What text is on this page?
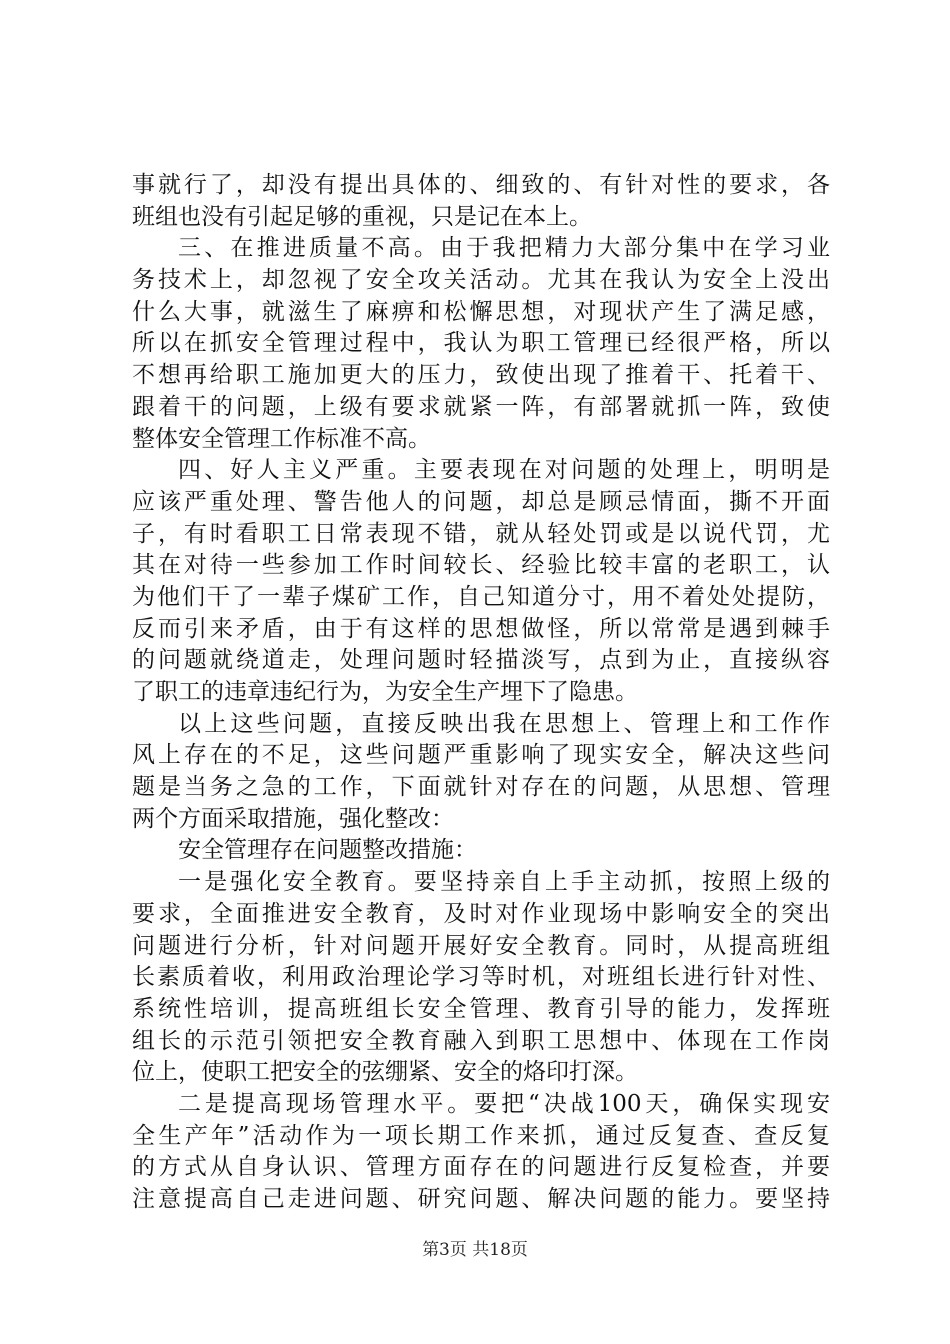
事就行了，却没有提出具体的、细致的、有针对性的要求，各
班组也没有引起足够的重视，只是记在本上。
三、在推进质量不高。由于我把精力大部分集中在学习业
务技术上，却忽视了安全攻关活动。尤其在我认为安全上没出
什么大事，就滋生了麻痹和松懈思想，对现状产生了满足感，
所以在抓安全管理过程中，我认为职工管理已经很严格，所以
不想再给职工施加更大的压力，致使出现了推着干、托着干、
跟着干的问题，上级有要求就紧一阵，有部署就抓一阵，致使
整体安全管理工作标准不高。
四、好人主义严重。主要表现在对问题的处理上，明明是
应该严重处理、警告他人的问题，却总是顾忌情面，撕不开面
子，有时看职工日常表现不错，就从轻处罚或是以说代罚，尤
其在对待一些参加工作时间较长、经验比较丰富的老职工，认
为他们干了一辈子煤矿工作，自己知道分寸，用不着处处提防，
反而引来矛盾，由于有这样的思想做怪，所以常常是遇到棘手
的问题就绕道走，处理问题时轻描淡写，点到为止，直接纵容
了职工的违章违纪行为，为安全生产埋下了隐患。
以上这些问题，直接反映出我在思想上、管理上和工作作
风上存在的不足，这些问题严重影响了现实安全，解决这些问
题是当务之急的工作，下面就针对存在的问题，从思想、管理
两个方面采取措施，强化整改：
安全管理存在问题整改措施：
一是强化安全教育。要坚持亲自上手主动抓，按照上级的
要求，全面推进安全教育，及时对作业现场中影响安全的突出
问题进行分析，针对问题开展好安全教育。同时，从提高班组
长素质着收，利用政治理论学习等时机，对班组长进行针对性、
系统性培训，提高班组长安全管理、教育引导的能力，发挥班
组长的示范引领把安全教育融入到职工思想中、体现在工作岗
位上，使职工把安全的弦绷紧、安全的烙印打深。
二是提高现场管理水平。要把“决战100天，确保实现安
全生产年”活动作为一项长期工作来抓，通过反复查、查反复
的方式从自身认识、管理方面存在的问题进行反复检查，并要
注意提高自己走进问题、研究问题、解决问题的能力。要坚持
第3页 共18页
